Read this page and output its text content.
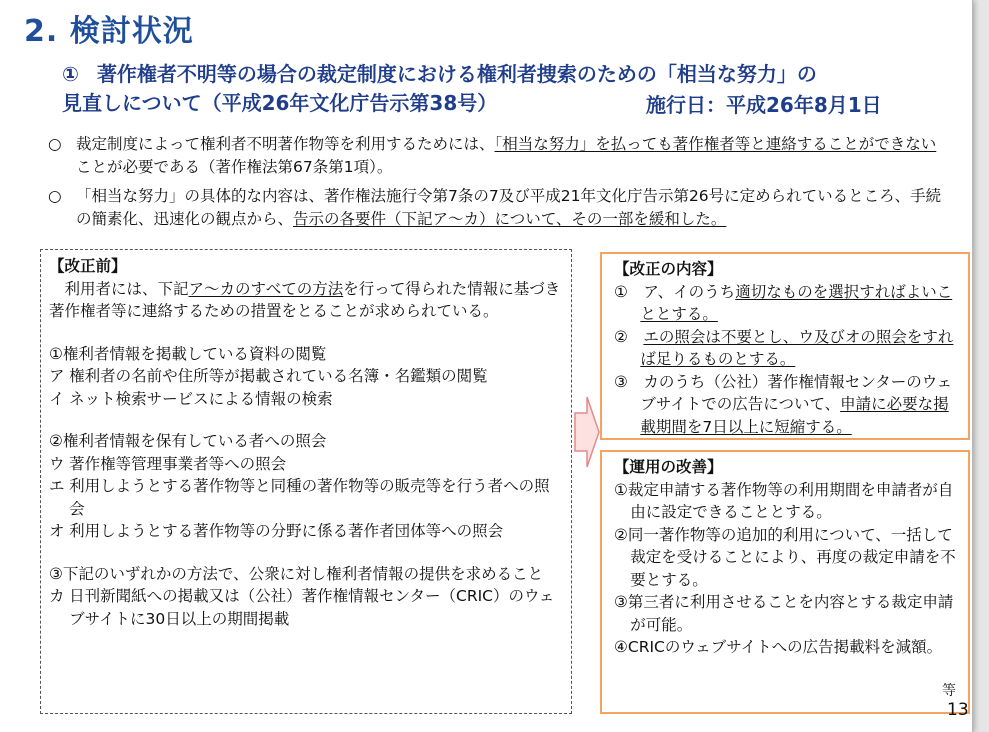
2. 検討状況
① 著作権者不明等の場合の裁定制度における権利者捜索のための「相当な努力」の
見直しについて（平成26年文化庁告示第38号）	施行日：平成26年8月1日
○ 裁定制度によって権利者不明著作物等を利用するためには、「相当な努力」を払っても著作権者等と連絡することができないことが必要である（著作権法第67条第1項）。
○ 「相当な努力」の具体的な内容は、著作権法施行令第7条の7及び平成21年文化庁告示第26号に定められているところ、手続の簡素化、迅速化の観点から、告示の各要件（下記ア～カ）について、その一部を緩和した。
【改正前】
利用者には、下記ア～カのすべての方法を行って得られた情報に基づき著作権者等に連絡するための措置をとることが求められている。
①権利者情報を掲載している資料の閲覧
ア 権利者の名前や住所等が掲載されている名簿・名鑑類の閲覧
イ ネット検索サービスによる情報の検索
②権利者情報を保有している者への照会
ウ 著作権等管理事業者等への照会
エ 利用しようとする著作物等と同種の著作物等の販売等を行う者への照会
オ 利用しようとする著作物等の分野に係る著作者団体等への照会
③下記のいずれかの方法で、公衆に対し権利者情報の提供を求めること
カ 日刊新聞紙への掲載又は（公社）著作権情報センター（CRIC）のウェブサイトに30日以上の期間掲載
【改正の内容】
①　 ア、イのうち適切なものを選択すればよいこととする。
②　 エの照会は不要とし、ウ及びオの照会をすれば足りるものとする。
③　 カのうち（公社）著作権情報センターのウェブサイトでの広告について、申請に必要な掲載期間を7日以上に短縮する。
【運用の改善】
①裁定申請する著作物等の利用期間を申請者が自由に設定できることとする。
②同一著作物等の追加的利用について、一括して裁定を受けることにより、再度の裁定申請を不要とする。
③第三者に利用させることを内容とする裁定申請が可能。
④CRICのウェブサイトへの広告掲載料を減額。
等
13
